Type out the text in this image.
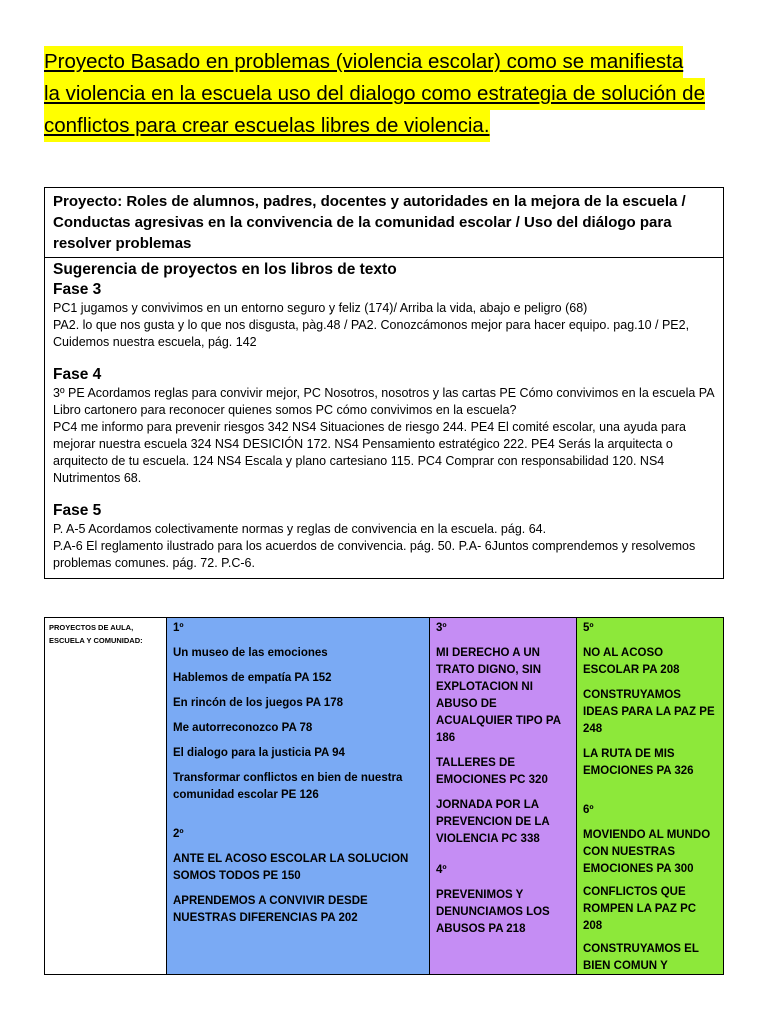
Proyecto Basado en problemas (violencia escolar) como se manifiesta
la violencia en la escuela uso del dialogo como estrategia de solución de
conflictos para crear escuelas libres de violencia.
Proyecto: Roles de alumnos, padres, docentes y autoridades en la mejora de la escuela / Conductas agresivas en la convivencia de la comunidad escolar / Uso del diálogo para resolver problemas
Sugerencia de proyectos en los libros de texto
Fase 3
PC1 jugamos y convivimos en un entorno seguro y feliz (174)/ Arriba la vida, abajo e peligro (68)
PA2. lo que nos gusta y lo que nos disgusta, pàg.48 / PA2. Conozcámonos mejor para hacer equipo. pag.10 / PE2, Cuidemos nuestra escuela, pág. 142
Fase 4
3º PE Acordamos reglas para convivir mejor, PC Nosotros, nosotros y las cartas PE Cómo convivimos en la escuela PA Libro cartonero para reconocer quienes somos PC cómo convivimos en la escuela?
PC4 me informo para prevenir riesgos 342 NS4 Situaciones de riesgo 244. PE4 El comité escolar, una ayuda para mejorar nuestra escuela 324 NS4 DESICIÓN 172. NS4 Pensamiento estratégico 222. PE4 Serás la arquitecta o arquitecto de tu escuela. 124 NS4 Escala y plano cartesiano 115. PC4 Comprar con responsabilidad 120. NS4 Nutrimentos 68.
Fase 5
P. A-5 Acordamos colectivamente normas y reglas de convivencia en la escuela. pág. 64.
P.A-6 El reglamento ilustrado para los acuerdos de convivencia. pág. 50. P.A- 6Juntos comprendemos y resolvemos problemas comunes. pág. 72. P.C-6.
PROYECTOS DE AULA, ESCUELA Y COMUNIDAD:
1º
Un museo de las emociones
Hablemos de empatía PA 152
En rincón de los juegos PA 178
Me autorreconozco PA 78
El dialogo para la justicia PA 94
Transformar conflictos en bien de nuestra comunidad escolar PE 126
2º
ANTE EL ACOSO ESCOLAR LA SOLUCION SOMOS TODOS PE 150
APRENDEMOS A CONVIVIR DESDE NUESTRAS DIFERENCIAS PA 202
3º
MI DERECHO A UN TRATO DIGNO, SIN EXPLOTACION NI ABUSO DE ACUALQUIER TIPO PA 186
TALLERES DE EMOCIONES PC 320
JORNADA POR LA PREVENCION DE LA VIOLENCIA PC 338
4º
PREVENIMOS Y DENUNCIAMOS LOS ABUSOS PA 218
5º
NO AL ACOSO ESCOLAR PA 208
CONSTRUYAMOS IDEAS PARA LA PAZ PE 248
LA RUTA DE MIS EMOCIONES PA 326
6º
MOVIENDO AL MUNDO CON NUESTRAS EMOCIONES PA 300
CONFLICTOS QUE ROMPEN LA PAZ PC 208
CONSTRUYAMOS EL BIEN COMUN Y
